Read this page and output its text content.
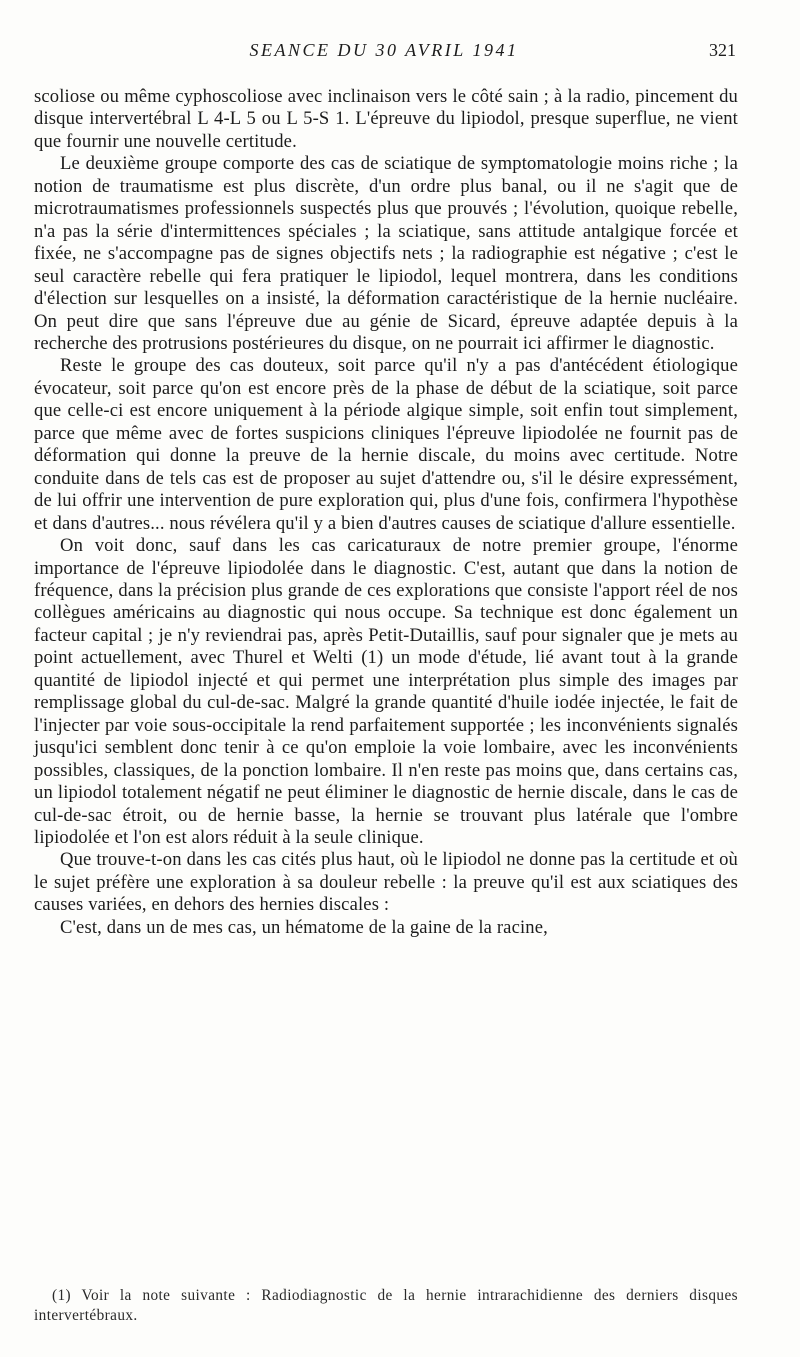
SEANCE DU 30 AVRIL 1941	321

scoliose ou même cyphoscoliose avec inclinaison vers le côté sain ; à la radio, pincement du disque intervertébral L 4-L 5 ou L 5-S 1. L'épreuve du lipiodol, presque superflue, ne vient que fournir une nouvelle certitude.

Le deuxième groupe comporte des cas de sciatique de symptomatologie moins riche ; la notion de traumatisme est plus discrète, d'un ordre plus banal, ou il ne s'agit que de microtraumatismes professionnels suspectés plus que prouvés ; l'évolution, quoique rebelle, n'a pas la série d'intermittences spéciales ; la sciatique, sans attitude antalgique forcée et fixée, ne s'accompagne pas de signes objectifs nets ; la radiographie est négative ; c'est le seul caractère rebelle qui fera pratiquer le lipiodol, lequel montrera, dans les conditions d'élection sur lesquelles on a insisté, la déformation caractéristique de la hernie nucléaire. On peut dire que sans l'épreuve due au génie de Sicard, épreuve adaptée depuis à la recherche des protrusions postérieures du disque, on ne pourrait ici affirmer le diagnostic.

Reste le groupe des cas douteux, soit parce qu'il n'y a pas d'antécédent étiologique évocateur, soit parce qu'on est encore près de la phase de début de la sciatique, soit parce que celle-ci est encore uniquement à la période algique simple, soit enfin tout simplement, parce que même avec de fortes suspicions cliniques l'épreuve lipiodolée ne fournit pas de déformation qui donne la preuve de la hernie discale, du moins avec certitude. Notre conduite dans de tels cas est de proposer au sujet d'attendre ou, s'il le désire expressément, de lui offrir une intervention de pure exploration qui, plus d'une fois, confirmera l'hypothèse et dans d'autres... nous révélera qu'il y a bien d'autres causes de sciatique d'allure essentielle.

On voit donc, sauf dans les cas caricaturaux de notre premier groupe, l'énorme importance de l'épreuve lipiodolée dans le diagnostic. C'est, autant que dans la notion de fréquence, dans la précision plus grande de ces explorations que consiste l'apport réel de nos collègues américains au diagnostic qui nous occupe. Sa technique est donc également un facteur capital ; je n'y reviendrai pas, après Petit-Dutaillis, sauf pour signaler que je mets au point actuellement, avec Thurel et Welti (1) un mode d'étude, lié avant tout à la grande quantité de lipiodol injecté et qui permet une interprétation plus simple des images par remplissage global du cul-de-sac. Malgré la grande quantité d'huile iodée injectée, le fait de l'injecter par voie sous-occipitale la rend parfaitement supportée ; les inconvénients signalés jusqu'ici semblent donc tenir à ce qu'on emploie la voie lombaire, avec les inconvénients possibles, classiques, de la ponction lombaire. Il n'en reste pas moins que, dans certains cas, un lipiodol totalement négatif ne peut éliminer le diagnostic de hernie discale, dans le cas de cul-de-sac étroit, ou de hernie basse, la hernie se trouvant plus latérale que l'ombre lipiodolée et l'on est alors réduit à la seule clinique.

Que trouve-t-on dans les cas cités plus haut, où le lipiodol ne donne pas la certitude et où le sujet préfère une exploration à sa douleur rebelle : la preuve qu'il est aux sciatiques des causes variées, en dehors des hernies discales :

C'est, dans un de mes cas, un hématome de la gaine de la racine,

(1) Voir la note suivante : Radiodiagnostic de la hernie intrarachidienne des derniers disques intervertébraux.
